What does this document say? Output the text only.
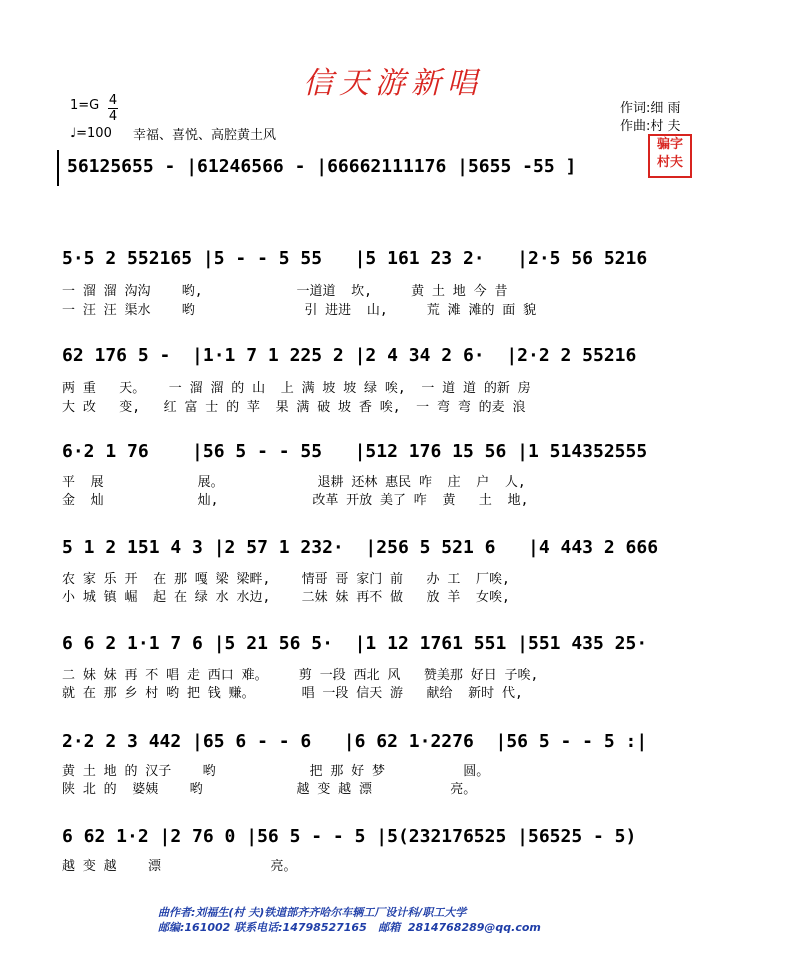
信天游新唱
1=G 4
4
♩=100 幸福、喜悦、高腔黄土风
作词:细 雨
作曲:村 夫
骗字
村夫
56125655 - |61246566 - |66662111176 |5655 -55 ]
5·5 2 552165 |5 - - 5 55   |5 161 23 2·   |2·5 56 5216
一 溜 溜 沟沟    哟,            一道道  坎,     黄 土 地 今 昔
一 汪 汪 渠水    哟              引 进进  山,     荒 滩 滩的 面 貌
62 176 5 -  |1·1 7 1 225 2 |2 4 34 2 6·  |2·2 2 55216
两 重   天。   一 溜 溜 的 山  上 满 坡 坡 绿 唉,  一 道 道 的新 房
大 改   变,   红 富 士 的 苹  果 满 破 坡 香 唉,  一 弯 弯 的麦 浪
6·2 1 76    |56 5 - - 55   |512 176 15 56 |1 514352555
平  展            展。            退耕 还林 惠民 咋  庄  户  人,
金  灿            灿,            改革 开放 美了 咋  黄   土  地,
5 1 2 151 4 3 |2 57 1 232·  |256 5 521 6   |4 443 2 666
农 家 乐 开  在 那 嘎 梁 梁畔,    情哥 哥 家门 前   办 工  厂唉,
小 城 镇 崛  起 在 绿 水 水边,    二妹 妹 再不 做   放 羊  女唉,
6 6 2 1·1 7 6 |5 21 56 5·  |1 12 1761 551 |551 435 25·
二 妹 妹 再 不 唱 走 西口 难。    剪 一段 西北 风   赞美那 好日 子唉,
就 在 那 乡 村 哟 把 钱 赚。      唱 一段 信天 游   献给  新时 代,
2·2 2 3 442 |65 6 - - 6   |6 62 1·2276  |56 5 - - 5 :|
黄 土 地 的 汉子    哟            把 那 好 梦          圆。
陕 北 的  婆姨    哟            越 变 越 漂          亮。
6 62 1·2 |2 76 0 |56 5 - - 5 |5(232176525 |56525 - 5)
越 变 越    漂              亮。
曲作者:刘福生(村 夫)铁道部齐齐哈尔车辆工厂设计科/职工大学
邮编:161002 联系电话:14798527165   邮箱  2814768289@qq.com
